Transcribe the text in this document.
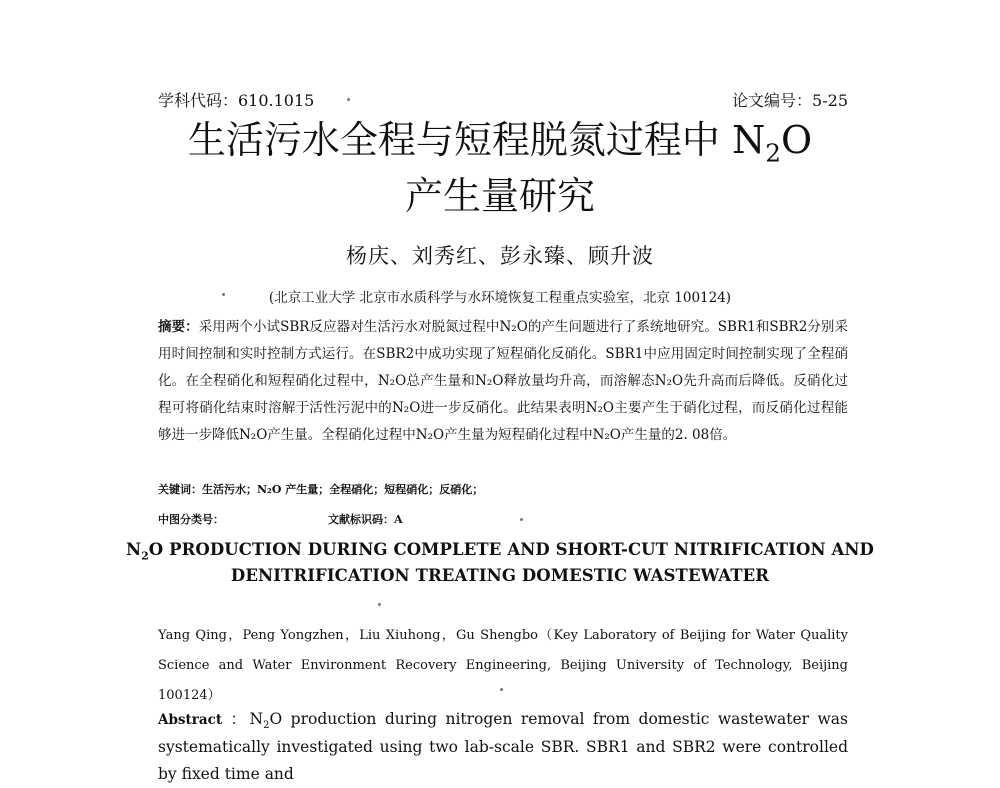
学科代码：610.1015	论文编号：5-25
生活污水全程与短程脱氮过程中 $N_2O$
产生量研究
杨庆、刘秀红、彭永臻、顾升波
(北京工业大学 北京市水质科学与水环境恢复工程重点实验室，北京 100124)
摘要：采用两个小试SBR反应器对生活污水对脱氮过程中N₂O的产生问题进行了系统地研究。SBR1和SBR2分别采用时间控制和实时控制方式运行。在SBR2中成功实现了短程硝化反硝化。SBR1中应用固定时间控制实现了全程硝化。在全程硝化和短程硝化过程中，N₂O总产生量和N₂O释放量均升高，而溶解态N₂O先升高而后降低。反硝化过程可将硝化结束时溶解于活性污泥中的N₂O进一步反硝化。此结果表明N₂O主要产生于硝化过程，而反硝化过程能够进一步降低N₂O产生量。全程硝化过程中N₂O产生量为短程硝化过程中N₂O产生量的2. 08倍。
关键词：生活污水；N₂O 产生量；全程硝化；短程硝化；反硝化；
中图分类号：	文献标识码：A
$N_2O$ PRODUCTION DURING COMPLETE AND SHORT-CUT NITRIFICATION AND
DENITRIFICATION TREATING DOMESTIC WASTEWATER
Yang Qing，Peng Yongzhen，Liu Xiuhong，Gu Shengbo（Key Laboratory of Beijing for Water Quality Science and Water Environment Recovery Engineering, Beijing University of Technology, Beijing 100124）
Abstract ：$N_2O$ production during nitrogen removal from domestic wastewater was systematically investigated using two lab-scale SBR. SBR1 and SBR2 were controlled by fixed time and
